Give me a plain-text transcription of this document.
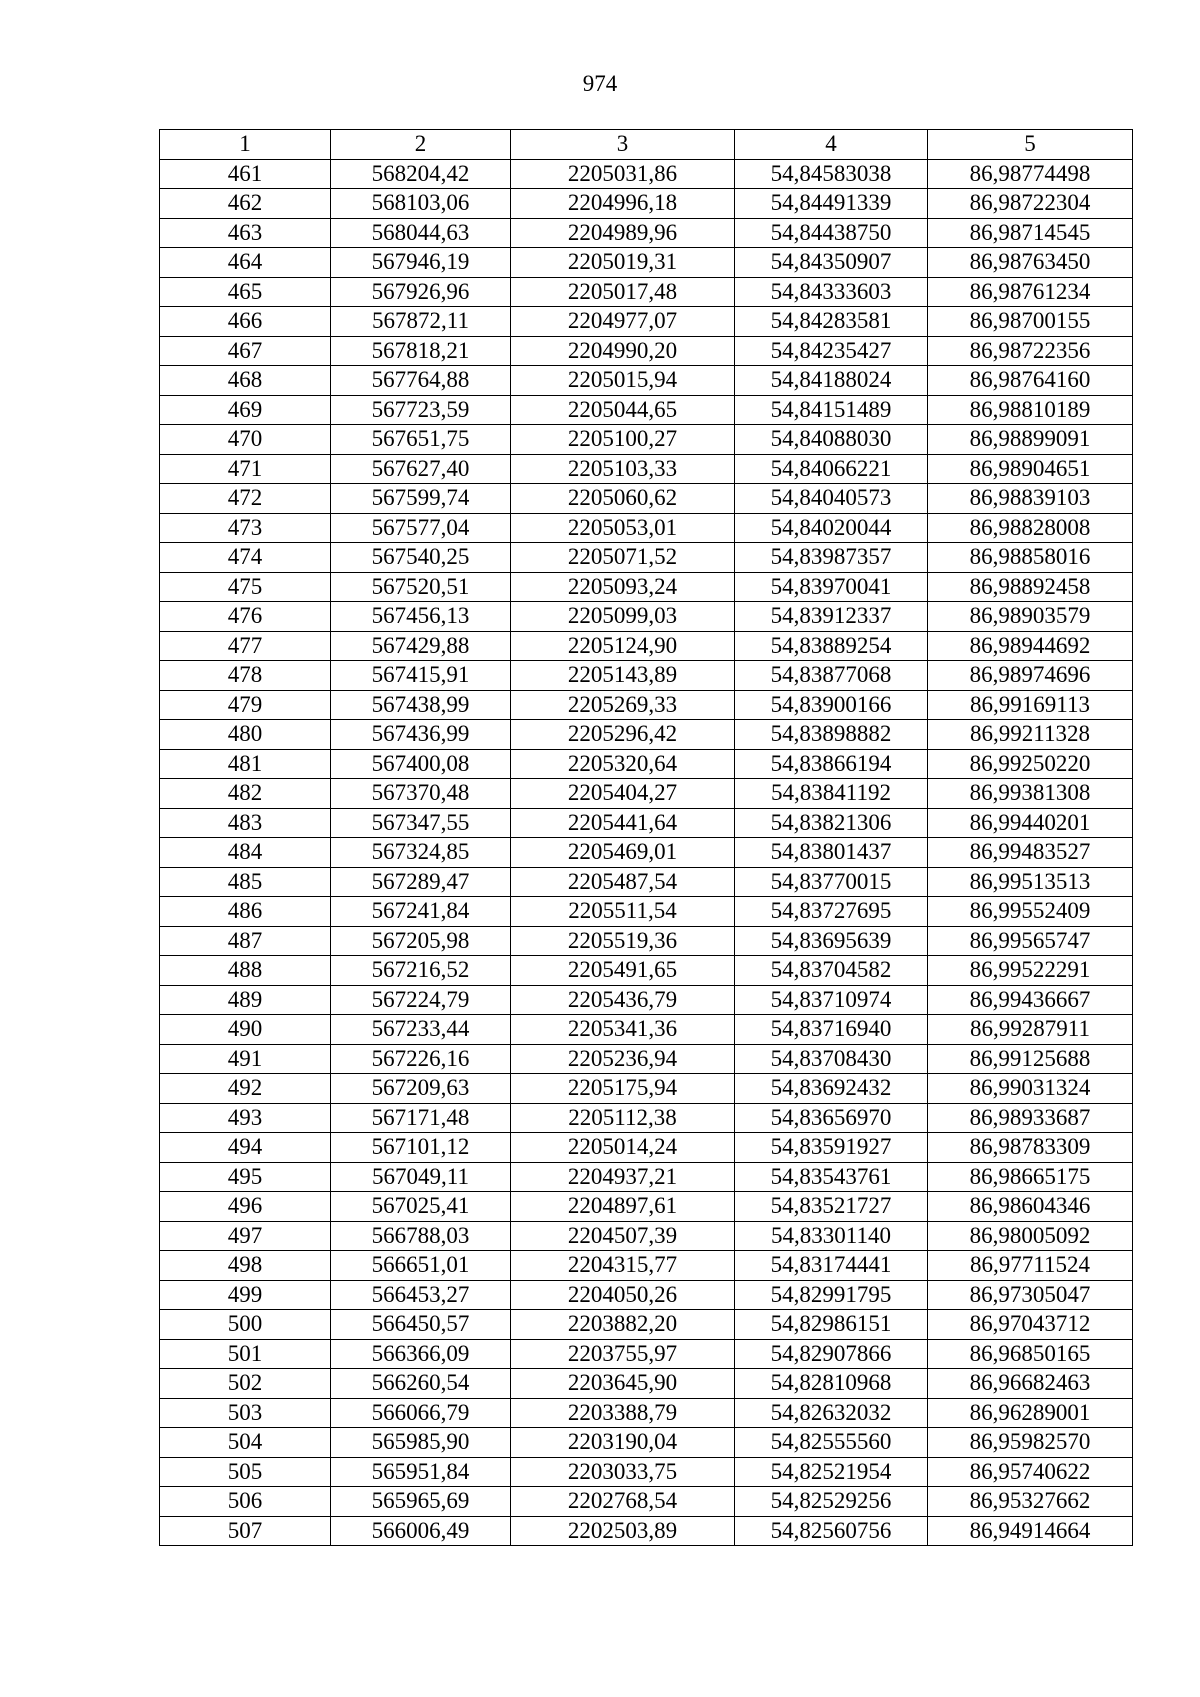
974
1	2	3	4	5
461	568204,42	2205031,86	54,84583038	86,98774498
462	568103,06	2204996,18	54,84491339	86,98722304
463	568044,63	2204989,96	54,84438750	86,98714545
464	567946,19	2205019,31	54,84350907	86,98763450
465	567926,96	2205017,48	54,84333603	86,98761234
466	567872,11	2204977,07	54,84283581	86,98700155
467	567818,21	2204990,20	54,84235427	86,98722356
468	567764,88	2205015,94	54,84188024	86,98764160
469	567723,59	2205044,65	54,84151489	86,98810189
470	567651,75	2205100,27	54,84088030	86,98899091
471	567627,40	2205103,33	54,84066221	86,98904651
472	567599,74	2205060,62	54,84040573	86,98839103
473	567577,04	2205053,01	54,84020044	86,98828008
474	567540,25	2205071,52	54,83987357	86,98858016
475	567520,51	2205093,24	54,83970041	86,98892458
476	567456,13	2205099,03	54,83912337	86,98903579
477	567429,88	2205124,90	54,83889254	86,98944692
478	567415,91	2205143,89	54,83877068	86,98974696
479	567438,99	2205269,33	54,83900166	86,99169113
480	567436,99	2205296,42	54,83898882	86,99211328
481	567400,08	2205320,64	54,83866194	86,99250220
482	567370,48	2205404,27	54,83841192	86,99381308
483	567347,55	2205441,64	54,83821306	86,99440201
484	567324,85	2205469,01	54,83801437	86,99483527
485	567289,47	2205487,54	54,83770015	86,99513513
486	567241,84	2205511,54	54,83727695	86,99552409
487	567205,98	2205519,36	54,83695639	86,99565747
488	567216,52	2205491,65	54,83704582	86,99522291
489	567224,79	2205436,79	54,83710974	86,99436667
490	567233,44	2205341,36	54,83716940	86,99287911
491	567226,16	2205236,94	54,83708430	86,99125688
492	567209,63	2205175,94	54,83692432	86,99031324
493	567171,48	2205112,38	54,83656970	86,98933687
494	567101,12	2205014,24	54,83591927	86,98783309
495	567049,11	2204937,21	54,83543761	86,98665175
496	567025,41	2204897,61	54,83521727	86,98604346
497	566788,03	2204507,39	54,83301140	86,98005092
498	566651,01	2204315,77	54,83174441	86,97711524
499	566453,27	2204050,26	54,82991795	86,97305047
500	566450,57	2203882,20	54,82986151	86,97043712
501	566366,09	2203755,97	54,82907866	86,96850165
502	566260,54	2203645,90	54,82810968	86,96682463
503	566066,79	2203388,79	54,82632032	86,96289001
504	565985,90	2203190,04	54,82555560	86,95982570
505	565951,84	2203033,75	54,82521954	86,95740622
506	565965,69	2202768,54	54,82529256	86,95327662
507	566006,49	2202503,89	54,82560756	86,94914664
